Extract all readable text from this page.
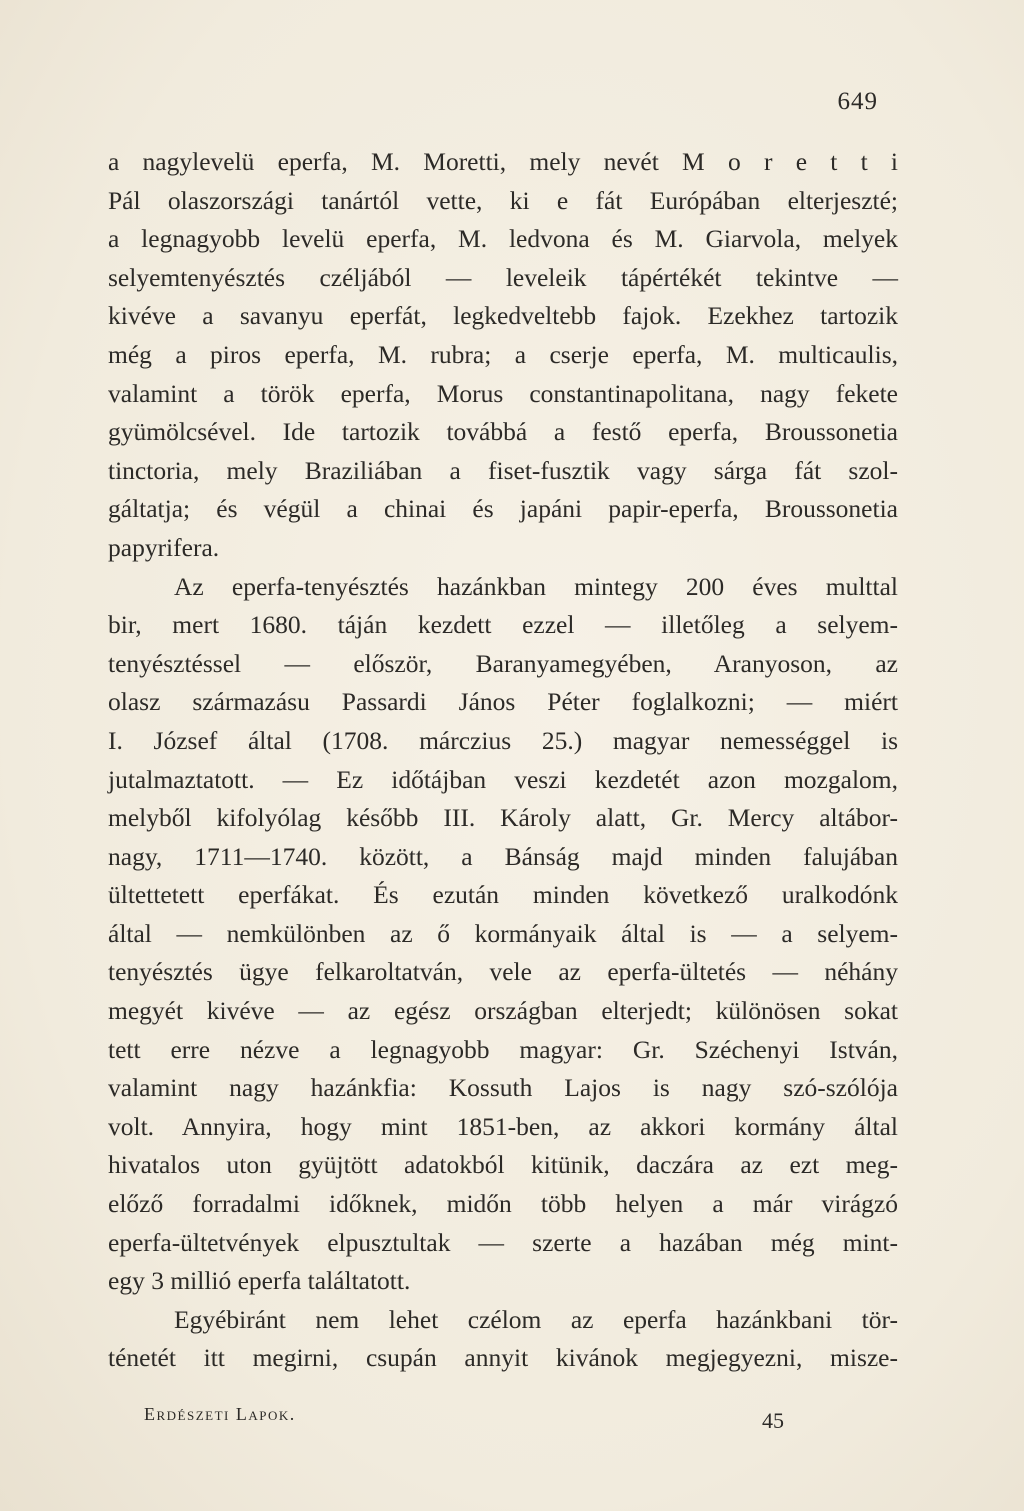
649
a nagylevelü eperfa, M. Moretti, mely nevét M o r e t t i
Pál olaszországi tanártól vette, ki e fát Európában elterjeszté;
a legnagyobb levelü eperfa, M. ledvona és M. Giarvola, melyek
selyemtenyésztés czéljából — leveleik tápértékét tekintve —
kivéve a savanyu eperfát, legkedveltebb fajok. Ezekhez tartozik
még a piros eperfa, M. rubra; a cserje eperfa, M. multicaulis,
valamint a török eperfa, Morus constantinapolitana, nagy fekete
gyümölcsével. Ide tartozik továbbá a festő eperfa, Broussonetia
tinctoria, mely Braziliában a fiset-fusztik vagy sárga fát szol-
gáltatja; és végül a chinai és japáni papir-eperfa, Broussonetia
papyrifera.
Az eperfa-tenyésztés hazánkban mintegy 200 éves multtal
bir, mert 1680. táján kezdett ezzel — illetőleg a selyem-
tenyésztéssel — először, Baranyamegyében, Aranyoson, az
olasz származásu Passardi János Péter foglalkozni; — miért
I. József által (1708. márczius 25.) magyar nemességgel is
jutalmaztatott. — Ez időtájban veszi kezdetét azon mozgalom,
melyből kifolyólag később III. Károly alatt, Gr. Mercy altábor-
nagy, 1711—1740. között, a Bánság majd minden falujában
ültettetett eperfákat. És ezután minden következő uralkodónk
által — nemkülönben az ő kormányaik által is — a selyem-
tenyésztés ügye felkaroltatván, vele az eperfa-ültetés — néhány
megyét kivéve — az egész országban elterjedt; különösen sokat
tett erre nézve a legnagyobb magyar: Gr. Széchenyi István,
valamint nagy hazánkfia: Kossuth Lajos is nagy szó-szólója
volt. Annyira, hogy mint 1851-ben, az akkori kormány által
hivatalos uton gyüjtött adatokból kitünik, daczára az ezt meg-
előző forradalmi időknek, midőn több helyen a már virágzó
eperfa-ültetvények elpusztultak — szerte a hazában még mint-
egy 3 millió eperfa találtatott.
Egyébiránt nem lehet czélom az eperfa hazánkbani tör-
ténetét itt megirni, csupán annyit kivánok megjegyezni, misze-
Erdészeti Lapok.	45
